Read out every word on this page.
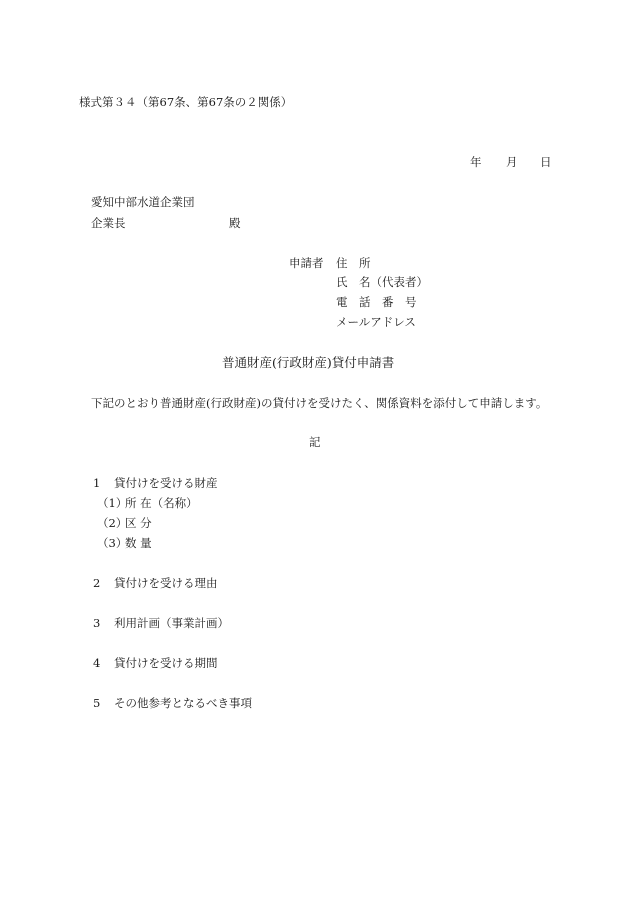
様式第３４（第67条、第67条の２関係）
年 月 日
愛知中部水道企業団
企業長	殿
申請者 住　所
氏　名（代表者）
電　話　番　号
メールアドレス
普通財産(行政財産)貸付申請書
下記のとおり普通財産(行政財産)の貸付けを受けたく、関係資料を添付して申請します。
記
1 貸付けを受ける財産
（1）
所 在（名称）
（2）
区 分
（3）
数 量
2 貸付けを受ける理由
3 利用計画（事業計画）
4 貸付けを受ける期間
5 その他参考となるべき事項
